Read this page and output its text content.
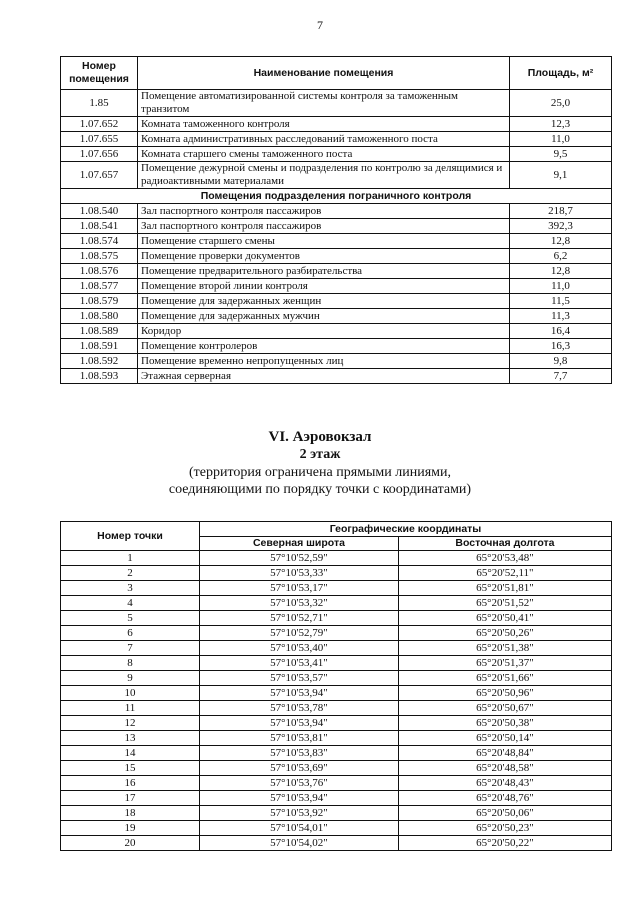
7
Номер помещения	Наименование помещения	Площадь, м²
1.85	Помещение автоматизированной системы контроля за таможенным транзитом	25,0
1.07.652	Комната таможенного контроля	12,3
1.07.655	Комната административных расследований таможенного поста	11,0
1.07.656	Комната старшего смены таможенного поста	9,5
1.07.657	Помещение дежурной смены и подразделения по контролю за делящимися и радиоактивными материалами	9,1
Помещения подразделения пограничного контроля		
1.08.540	Зал паспортного контроля пассажиров	218,7
1.08.541	Зал паспортного контроля пассажиров	392,3
1.08.574	Помещение старшего смены	12,8
1.08.575	Помещение проверки документов	6,2
1.08.576	Помещение предварительного разбирательства	12,8
1.08.577	Помещение второй линии контроля	11,0
1.08.579	Помещение для задержанных женщин	11,5
1.08.580	Помещение для задержанных мужчин	11,3
1.08.589	Коридор	16,4
1.08.591	Помещение контролеров	16,3
1.08.592	Помещение временно непропущенных лиц	9,8
1.08.593	Этажная серверная	7,7
VI. Аэровокзал
2 этаж
(территория ограничена прямыми линиями,
соединяющими по порядку точки с координатами)
Номер точки	Географические координаты	
	Северная широта	Восточная долгота
1	57°10'52,59"	65°20'53,48"
2	57°10'53,33"	65°20'52,11"
3	57°10'53,17"	65°20'51,81"
4	57°10'53,32"	65°20'51,52"
5	57°10'52,71"	65°20'50,41"
6	57°10'52,79"	65°20'50,26"
7	57°10'53,40"	65°20'51,38"
8	57°10'53,41"	65°20'51,37"
9	57°10'53,57"	65°20'51,66"
10	57°10'53,94"	65°20'50,96"
11	57°10'53,78"	65°20'50,67"
12	57°10'53,94"	65°20'50,38"
13	57°10'53,81"	65°20'50,14"
14	57°10'53,83"	65°20'48,84"
15	57°10'53,69"	65°20'48,58"
16	57°10'53,76"	65°20'48,43"
17	57°10'53,94"	65°20'48,76"
18	57°10'53,92"	65°20'50,06"
19	57°10'54,01"	65°20'50,23"
20	57°10'54,02"	65°20'50,22"
